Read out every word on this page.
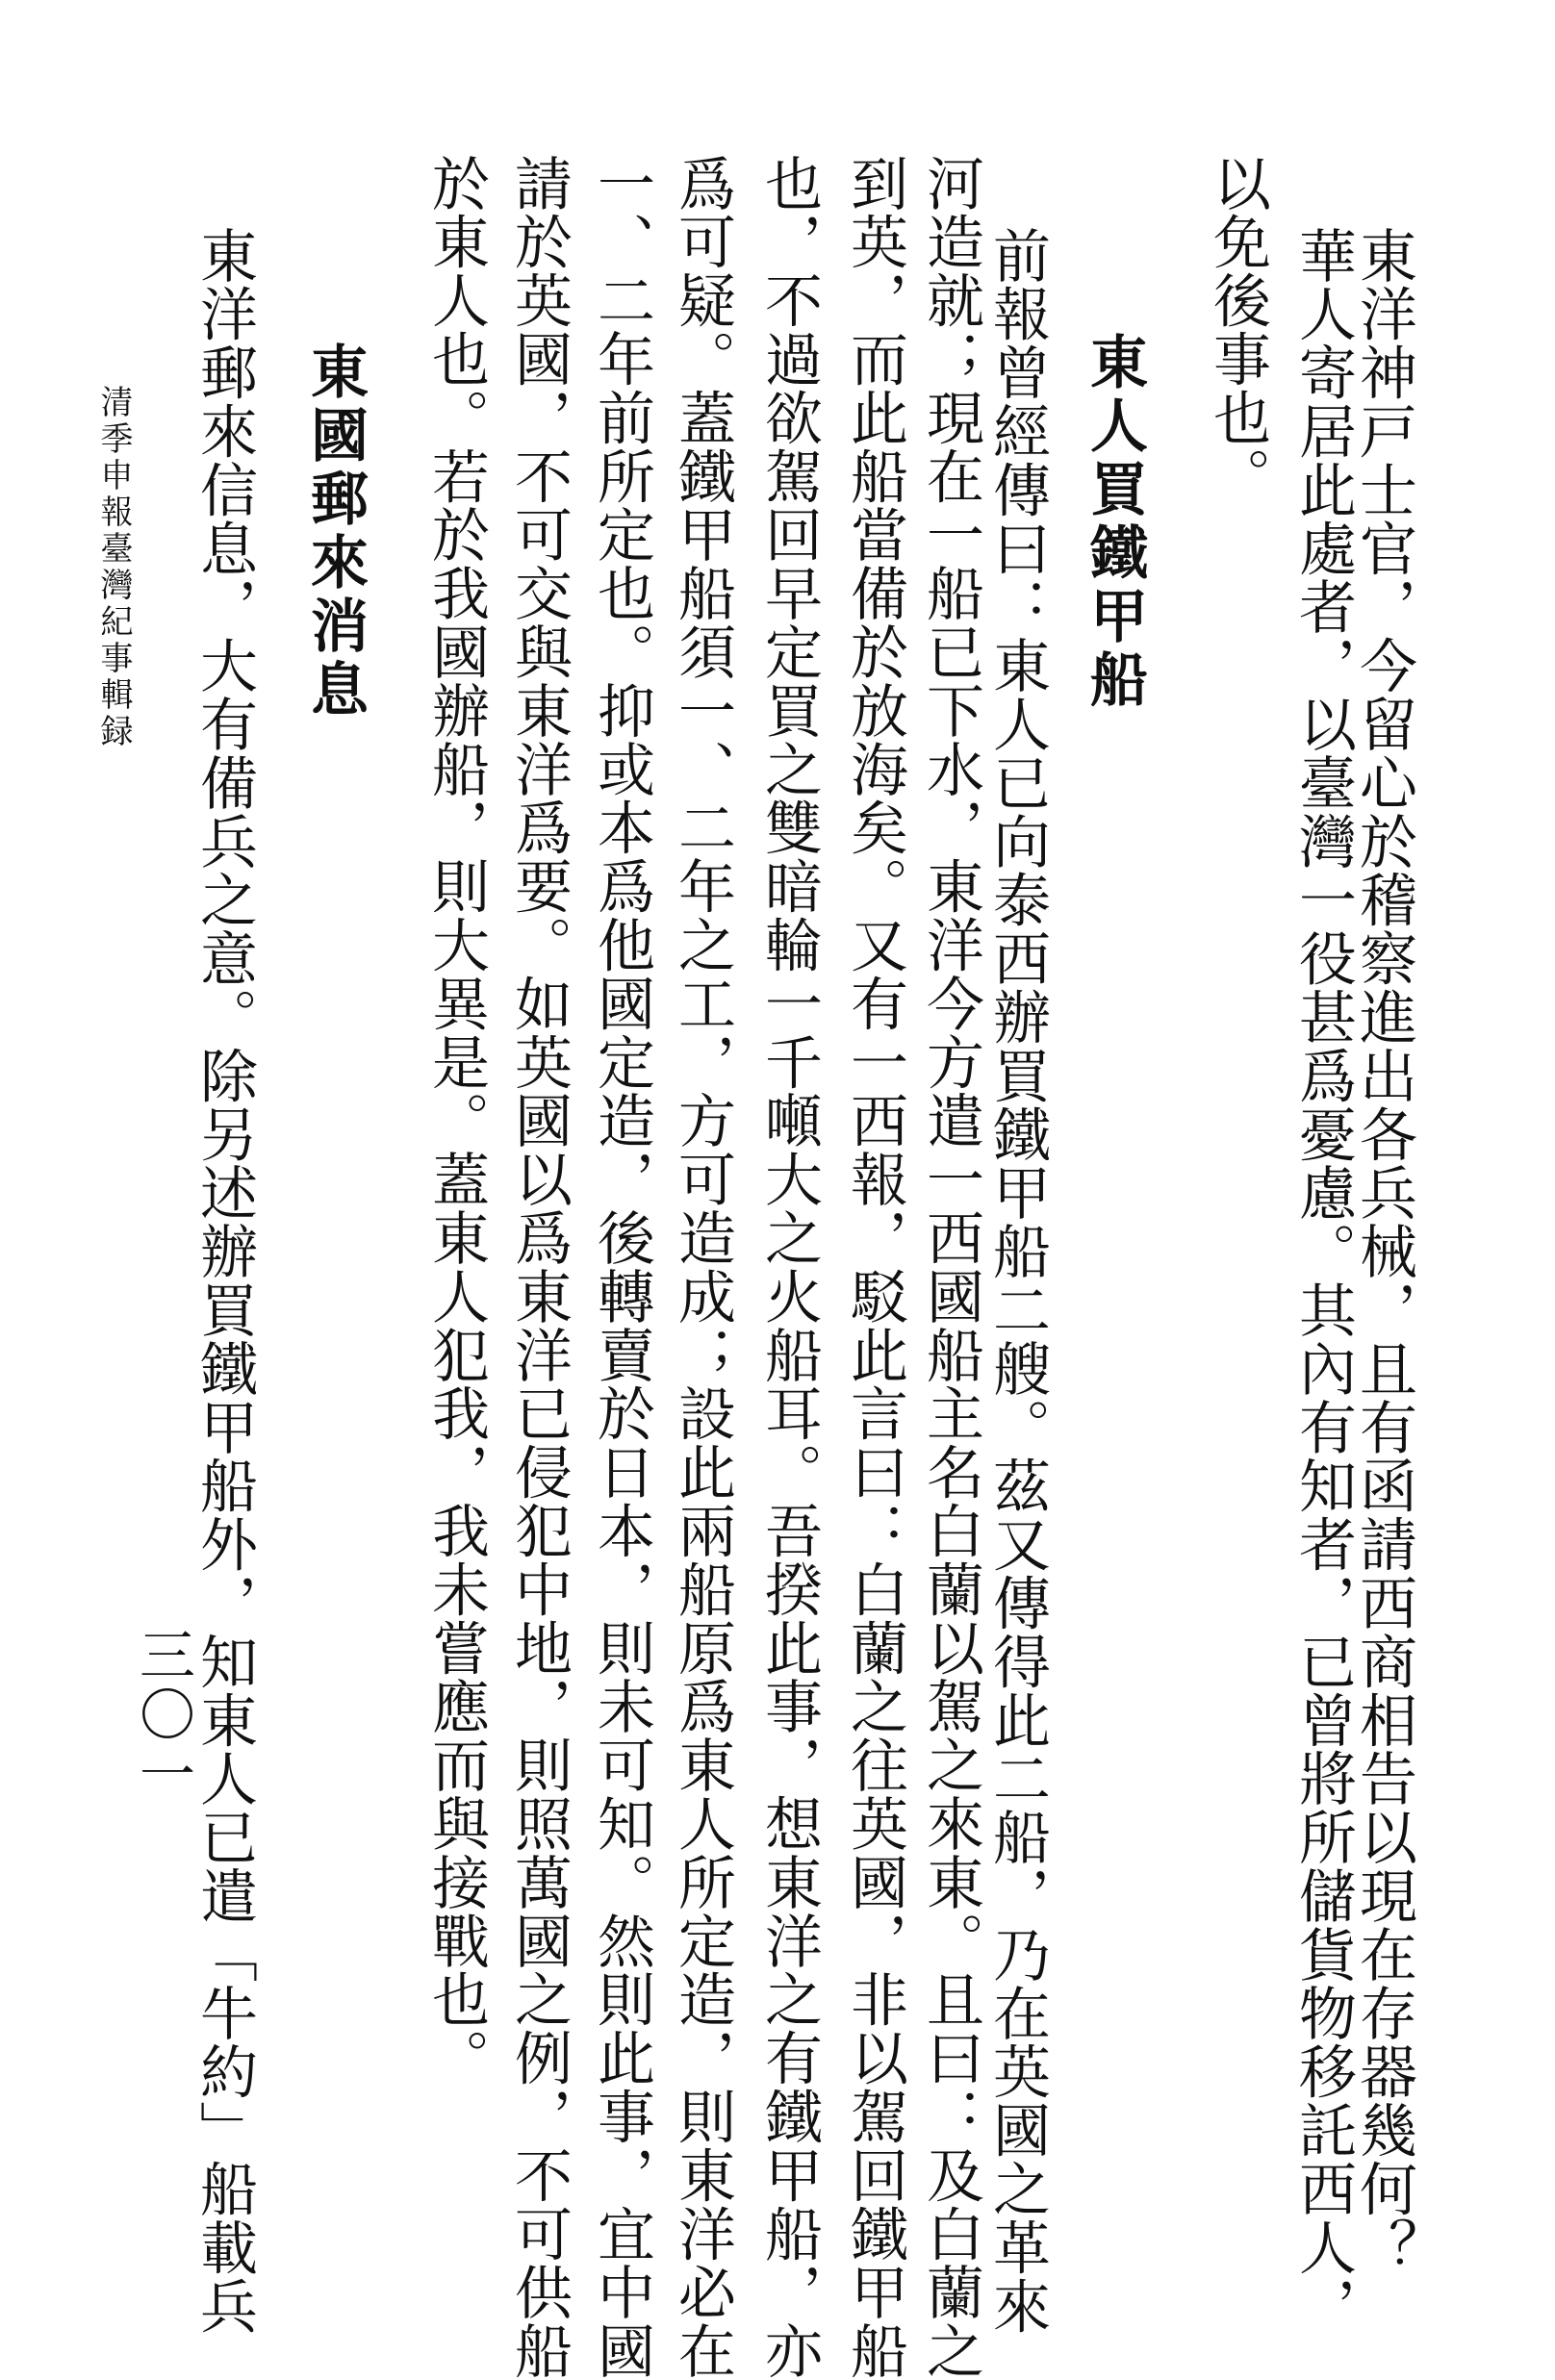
東洋神戸士官，今留心於稽察進出各兵械，且有函請西商相告以現在存器幾何？
華人寄居此處者，以臺灣一役甚爲憂慮。其內有知者，已曾將所儲貨物移託西人，
以免後事也。
東人買鐵甲船
前報曾經傳曰：東人已向泰西辦買鐵甲船二艘。茲又傳得此二船，乃在英國之革來
河造就；現在一船已下水，東洋今方遣一西國船主名白蘭以駕之來東。且曰：及白蘭之
到英，而此船當備於放海矣。又有一西報，駁此言曰：白蘭之往英國，非以駕回鐵甲船
也，不過欲駕回早定買之雙暗輪一千噸大之火船耳。吾揆此事，想東洋之有鐵甲船，亦
爲可疑。蓋鐵甲船須一、二年之工，方可造成；設此兩船原爲東人所定造，則東洋必在
一、二年前所定也。抑或本爲他國定造，後轉賣於日本，則未可知。然則此事，宜中國
請於英國，不可交與東洋爲要。如英國以爲東洋已侵犯中地，則照萬國之例，不可供船
於東人也。若於我國辦船，則大異是。蓋東人犯我，我未嘗應而與接戰也。
東國郵來消息
東洋郵來信息，大有備兵之意。除另述辦買鐵甲船外，知東人已遣「牛約」船載兵
清季申報臺灣紀事輯録
三〇一
